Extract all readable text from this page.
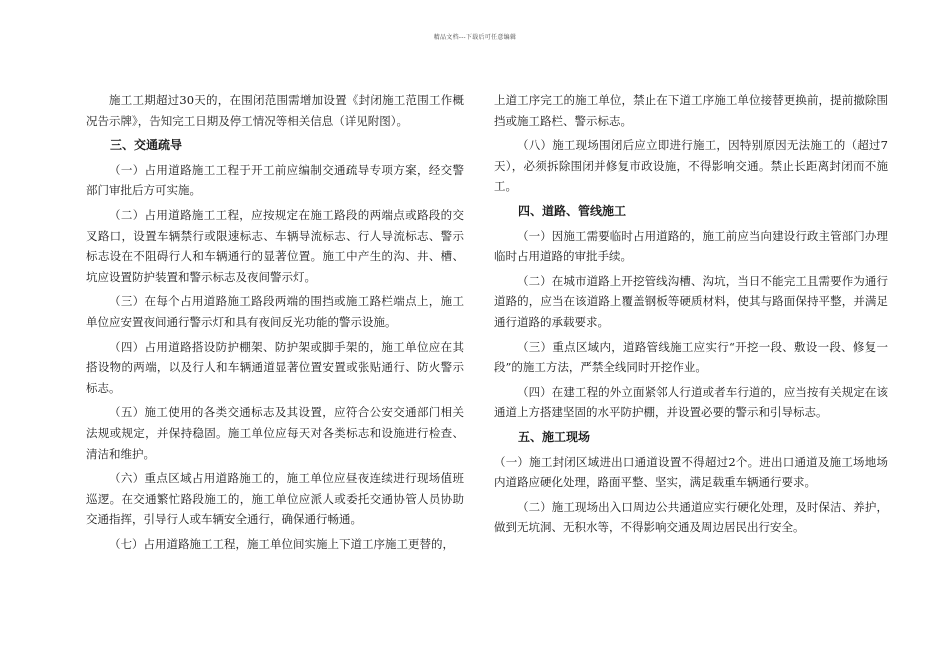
精品文档---下载后可任意编辑

施工工期超过30天的，在围闭范围需增加设置《封闭施工范围工作概况告示牌》，告知完工日期及停工情况等相关信息（详见附图）。

三、交通疏导

（一）占用道路施工工程于开工前应编制交通疏导专项方案，经交警部门审批后方可实施。

（二）占用道路施工工程，应按规定在施工路段的两端点或路段的交叉路口，设置车辆禁行或限速标志、车辆导流标志、行人导流标志、警示标志设在不阻碍行人和车辆通行的显著位置。施工中产生的沟、井、槽、坑应设置防护装置和警示标志及夜间警示灯。

（三）在每个占用道路施工路段两端的围挡或施工路栏端点上，施工单位应安置夜间通行警示灯和具有夜间反光功能的警示设施。

（四）占用道路搭设防护棚架、防护架或脚手架的，施工单位应在其搭设物的两端，以及行人和车辆通道显著位置安置或张贴通行、防火警示标志。

（五）施工使用的各类交通标志及其设置，应符合公安交通部门相关法规或规定，并保持稳固。施工单位应每天对各类标志和设施进行检查、清洁和维护。

（六）重点区域占用道路施工的，施工单位应昼夜连续进行现场值班巡逻。在交通繁忙路段施工的，施工单位应派人或委托交通协管人员协助交通指挥，引导行人或车辆安全通行，确保通行畅通。

（七）占用道路施工工程，施工单位间实施上下道工序施工更替的，

上道工序完工的施工单位，禁止在下道工序施工单位接替更换前，提前撤除围挡或施工路栏、警示标志。

（八）施工现场围闭后应立即进行施工，因特别原因无法施工的（超过7天），必须拆除围闭并修复市政设施，不得影响交通。禁止长距离封闭而不施工。

四、道路、管线施工

（一）因施工需要临时占用道路的，施工前应当向建设行政主管部门办理临时占用道路的审批手续。

（二）在城市道路上开挖管线沟槽、沟坑，当日不能完工且需要作为通行道路的，应当在该道路上覆盖钢板等硬质材料，使其与路面保持平整，并满足通行道路的承载要求。

（三）重点区域内，道路管线施工应实行“开挖一段、敷设一段、修复一段”的施工方法，严禁全线同时开挖作业。

（四）在建工程的外立面紧邻人行道或者车行道的，应当按有关规定在该通道上方搭建坚固的水平防护棚，并设置必要的警示和引导标志。

五、施工现场

（一）施工封闭区域进出口通道设置不得超过2个。进出口通道及施工场地场内道路应硬化处理，路面平整、坚实，满足载重车辆通行要求。

（二）施工现场出入口周边公共通道应实行硬化处理，及时保洁、养护，做到无坑洞、无积水等，不得影响交通及周边居民出行安全。
